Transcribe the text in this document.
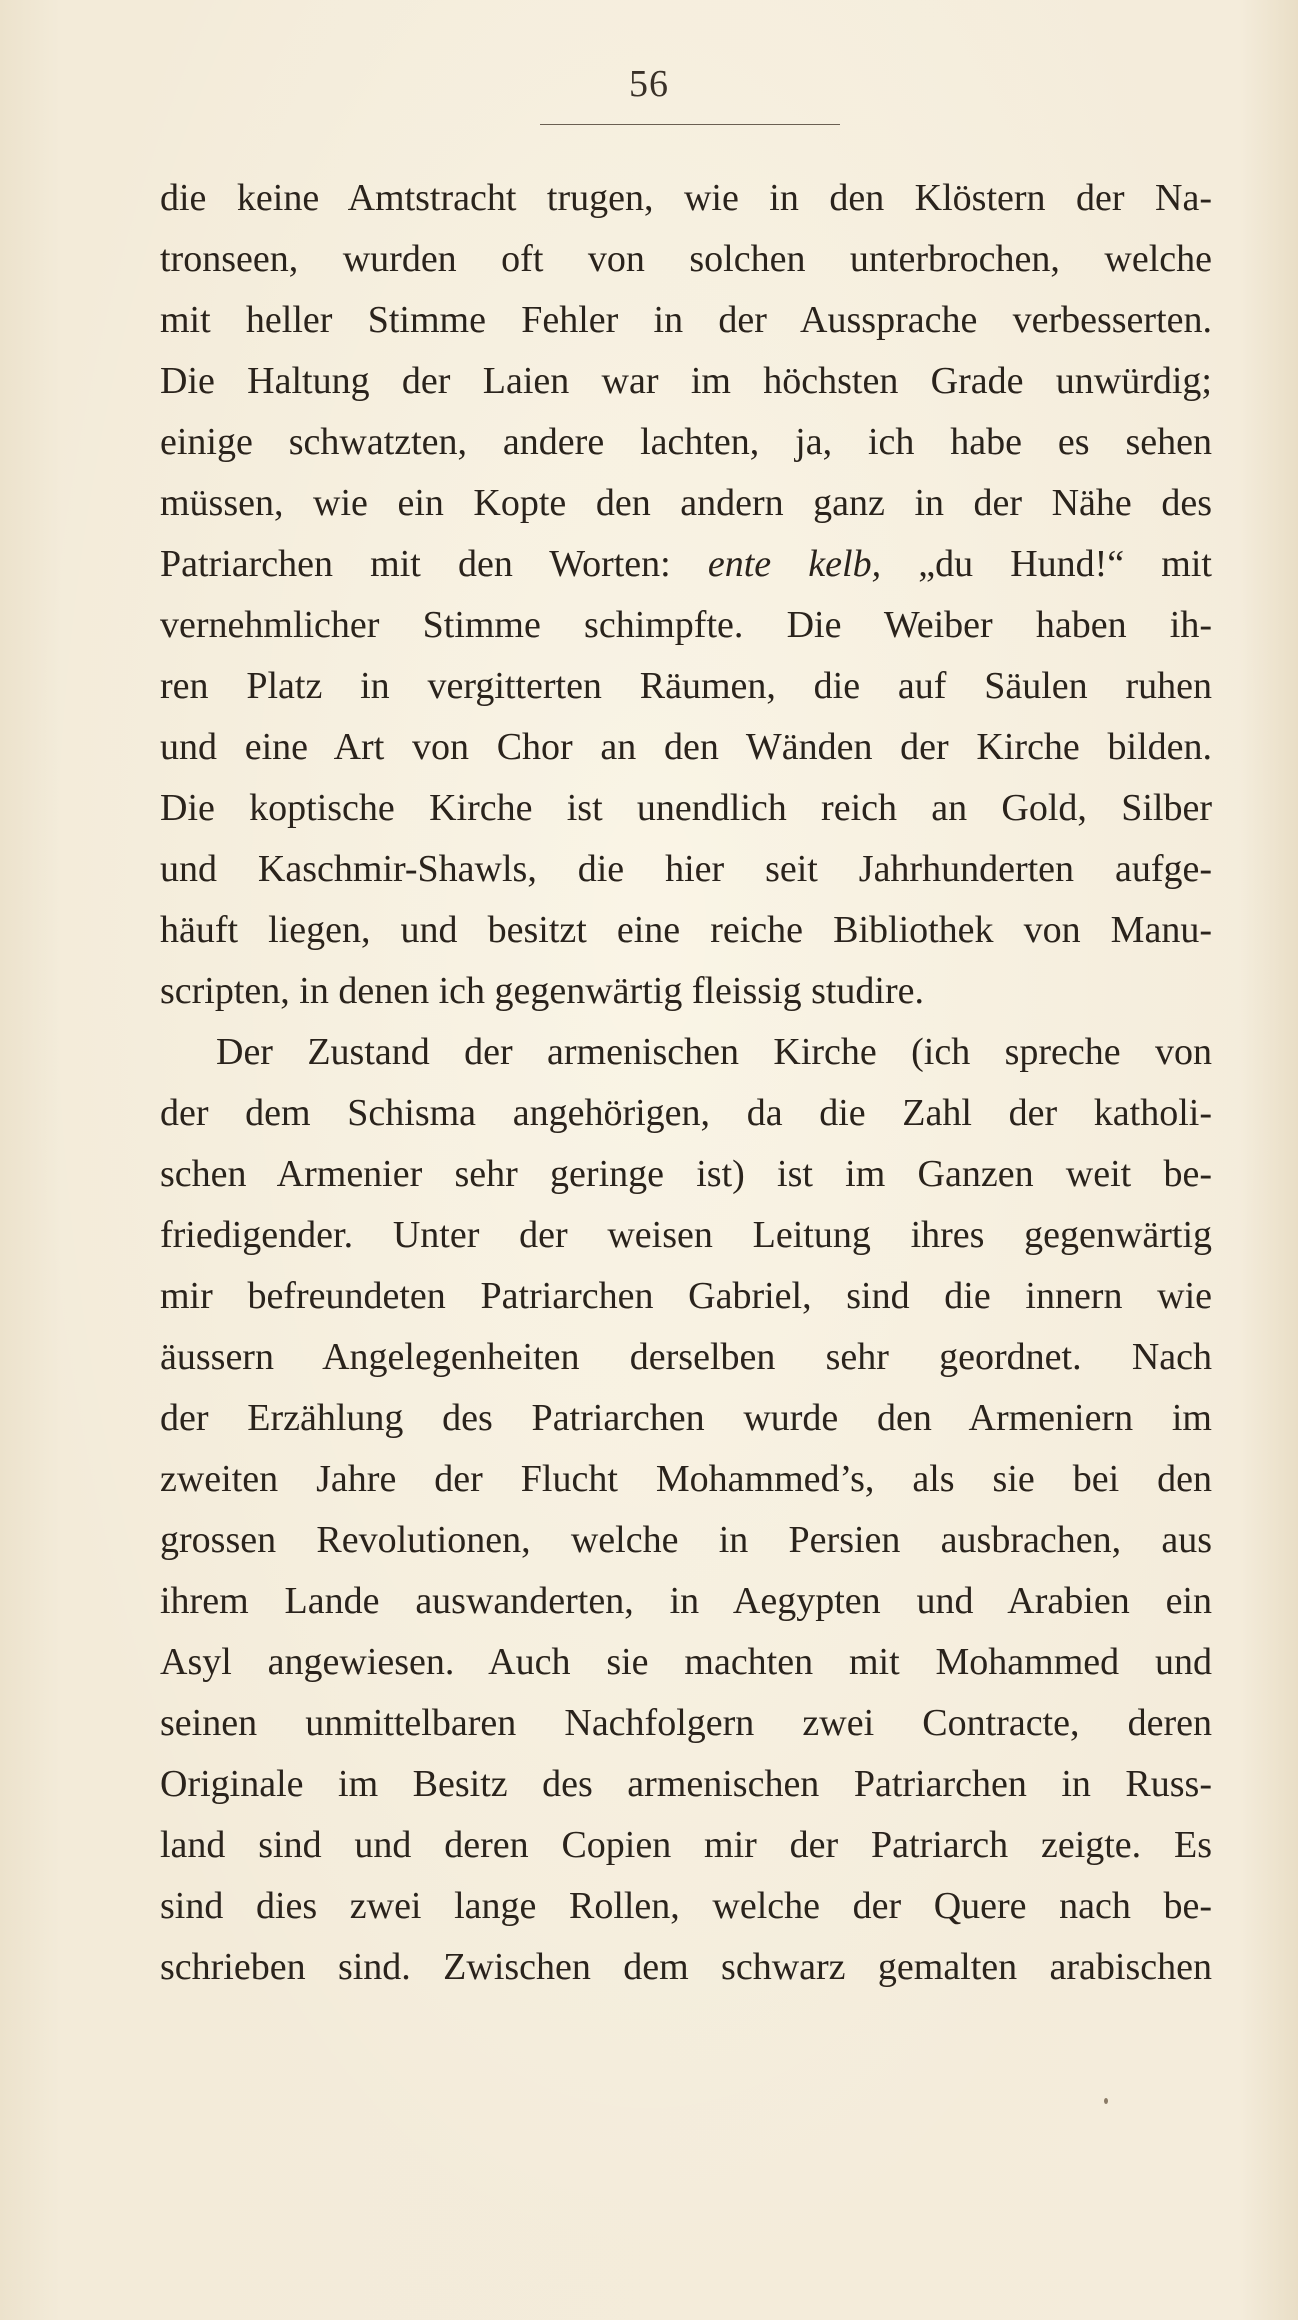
56
die keine Amtstracht trugen, wie in den Klöstern der Na-
tronseen, wurden oft von solchen unterbrochen, welche
mit heller Stimme Fehler in der Aussprache verbesserten.
Die Haltung der Laien war im höchsten Grade unwürdig;
einige schwatzten, andere lachten, ja, ich habe es sehen
müssen, wie ein Kopte den andern ganz in der Nähe des
Patriarchen mit den Worten: ente kelb, „du Hund!“ mit
vernehmlicher Stimme schimpfte. Die Weiber haben ih-
ren Platz in vergitterten Räumen, die auf Säulen ruhen
und eine Art von Chor an den Wänden der Kirche bilden.
Die koptische Kirche ist unendlich reich an Gold, Silber
und Kaschmir-Shawls, die hier seit Jahrhunderten aufge-
häuft liegen, und besitzt eine reiche Bibliothek von Manu-
scripten, in denen ich gegenwärtig fleissig studire.
Der Zustand der armenischen Kirche (ich spreche von
der dem Schisma angehörigen, da die Zahl der katholi-
schen Armenier sehr geringe ist) ist im Ganzen weit be-
friedigender. Unter der weisen Leitung ihres gegenwärtig
mir befreundeten Patriarchen Gabriel, sind die innern wie
äussern Angelegenheiten derselben sehr geordnet. Nach
der Erzählung des Patriarchen wurde den Armeniern im
zweiten Jahre der Flucht Mohammed’s, als sie bei den
grossen Revolutionen, welche in Persien ausbrachen, aus
ihrem Lande auswanderten, in Aegypten und Arabien ein
Asyl angewiesen. Auch sie machten mit Mohammed und
seinen unmittelbaren Nachfolgern zwei Contracte, deren
Originale im Besitz des armenischen Patriarchen in Russ-
land sind und deren Copien mir der Patriarch zeigte. Es
sind dies zwei lange Rollen, welche der Quere nach be-
schrieben sind. Zwischen dem schwarz gemalten arabischen
